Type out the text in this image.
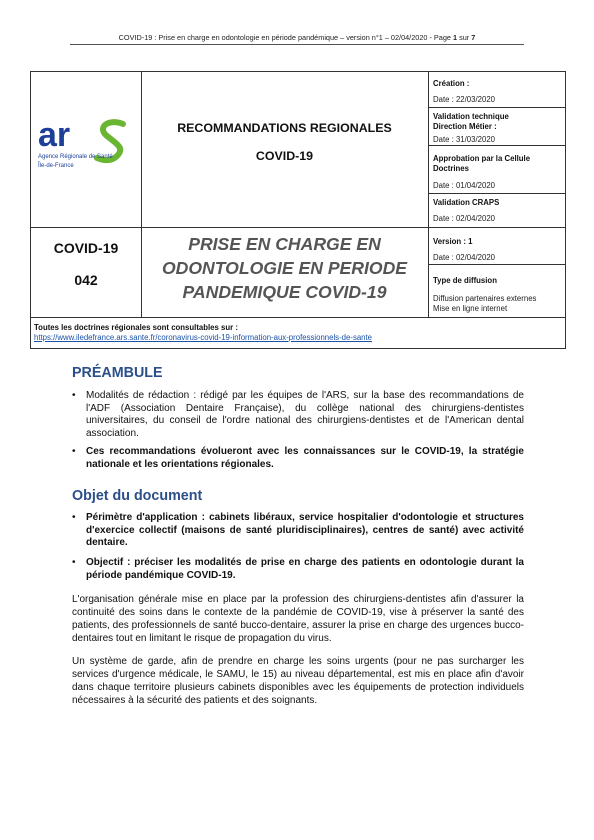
COVID-19 : Prise en charge en odontologie en période pandémique – version n°1 – 02/04/2020 - Page 1 sur 7
ar
Agence Régionale de Santé
Île-de-France
RECOMMANDATIONS REGIONALES
COVID-19
Création :
Date : 22/03/2020
Validation technique
Direction Métier :
Date : 31/03/2020
Approbation par la Cellule
Doctrines
Date : 01/04/2020
Validation CRAPS
Date : 02/04/2020
Version : 1
Date : 02/04/2020
Type de diffusion
Diffusion partenaires externes
Mise en ligne internet
COVID-19
042
PRISE EN CHARGE EN
ODONTOLOGIE EN PERIODE
PANDEMIQUE COVID-19
Toutes les doctrines régionales sont consultables sur :
https://www.iledefrance.ars.sante.fr/coronavirus-covid-19-information-aux-professionnels-de-sante
PRÉAMBULE
• Modalités de rédaction : rédigé par les équipes de l'ARS, sur la base des recommandations de l'ADF (Association Dentaire Française), du collège national des chirurgiens-dentistes universitaires, du conseil de l'ordre national des chirurgiens-dentistes et de l'American dental association.
• Ces recommandations évolueront avec les connaissances sur le COVID-19, la stratégie nationale et les orientations régionales.
Objet du document
• Périmètre d'application : cabinets libéraux, service hospitalier d'odontologie et structures d'exercice collectif (maisons de santé pluridisciplinaires), centres de santé) avec activité dentaire.
• Objectif : préciser les modalités de prise en charge des patients en odontologie durant la période pandémique COVID-19.
L'organisation générale mise en place par la profession des chirurgiens-dentistes afin d'assurer la continuité des soins dans le contexte de la pandémie de COVID-19, vise à préserver la santé des patients, des professionnels de santé bucco-dentaire, assurer la prise en charge des urgences bucco-dentaires tout en limitant le risque de propagation du virus.
Un système de garde, afin de prendre en charge les soins urgents (pour ne pas surcharger les services d'urgence médicale, le SAMU, le 15) au niveau départemental, est mis en place afin d'avoir dans chaque territoire plusieurs cabinets disponibles avec les équipements de protection individuels nécessaires à la sécurité des patients et des soignants.
